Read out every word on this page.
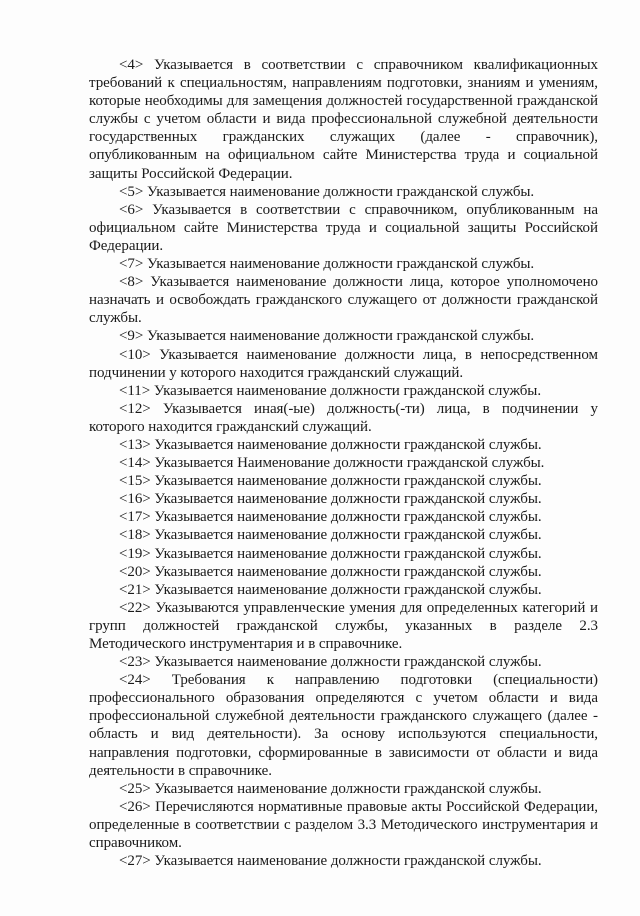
<4> Указывается в соответствии с справочником квалификационных требований к специальностям, направлениям подготовки, знаниям и умениям, которые необходимы для замещения должностей государственной гражданской службы с учетом области и вида профессиональной служебной деятельности государственных гражданских служащих (далее - справочник), опубликованным на официальном сайте Министерства труда и социальной защиты Российской Федерации.

<5> Указывается наименование должности гражданской службы.

<6> Указывается в соответствии с справочником, опубликованным на официальном сайте Министерства труда и социальной защиты Российской Федерации.

<7> Указывается наименование должности гражданской службы.

<8> Указывается наименование должности лица, которое уполномочено назначать и освобождать гражданского служащего от должности гражданской службы.

<9> Указывается наименование должности гражданской службы.

<10> Указывается наименование должности лица, в непосредственном подчинении у которого находится гражданский служащий.

<11> Указывается наименование должности гражданской службы.

<12> Указывается иная(-ые) должность(-ти) лица, в подчинении у которого находится гражданский служащий.

<13> Указывается наименование должности гражданской службы.

<14> Указывается Наименование должности гражданской службы.

<15> Указывается наименование должности гражданской службы.

<16> Указывается наименование должности гражданской службы.

<17> Указывается наименование должности гражданской службы.

<18> Указывается наименование должности гражданской службы.

<19> Указывается наименование должности гражданской службы.

<20> Указывается наименование должности гражданской службы.

<21> Указывается наименование должности гражданской службы.

<22> Указываются управленческие умения для определенных категорий и групп должностей гражданской службы, указанных в разделе 2.3 Методического инструментария и в справочнике.

<23> Указывается наименование должности гражданской службы.

<24> Требования к направлению подготовки (специальности) профессионального образования определяются с учетом области и вида профессиональной служебной деятельности гражданского служащего (далее - область и вид деятельности). За основу используются специальности, направления подготовки, сформированные в зависимости от области и вида деятельности в справочнике.

<25> Указывается наименование должности гражданской службы.

<26> Перечисляются нормативные правовые акты Российской Федерации, определенные в соответствии с разделом 3.3 Методического инструментария и справочником.

<27> Указывается наименование должности гражданской службы.
